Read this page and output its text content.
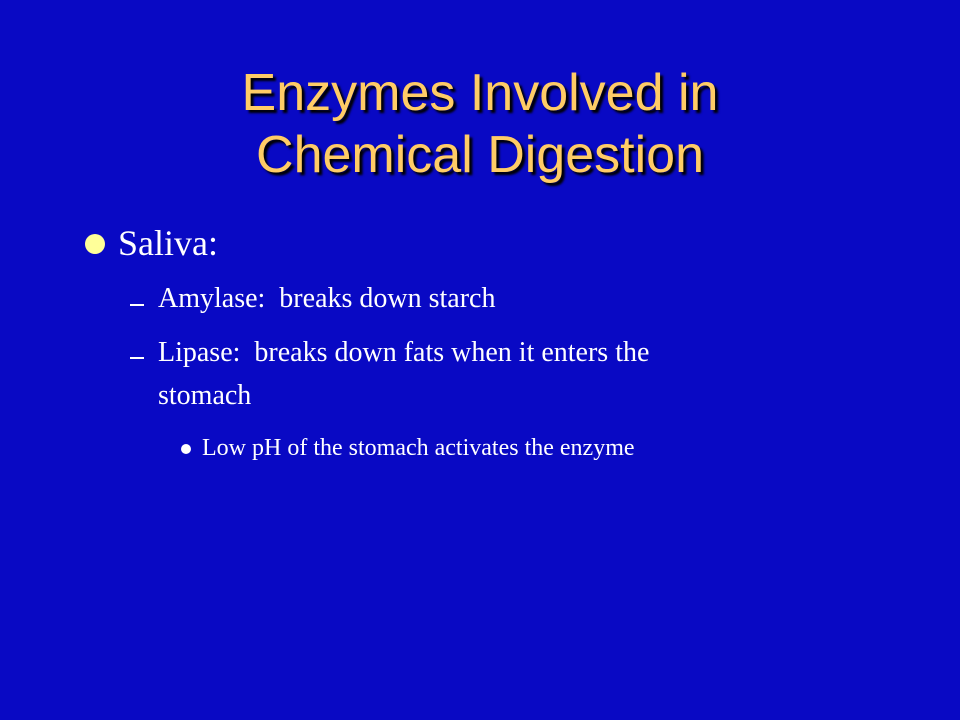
Enzymes Involved in
Chemical Digestion
Saliva:
Amylase:  breaks down starch
Lipase:  breaks down fats when it enters the
stomach
Low pH of the stomach activates the enzyme
